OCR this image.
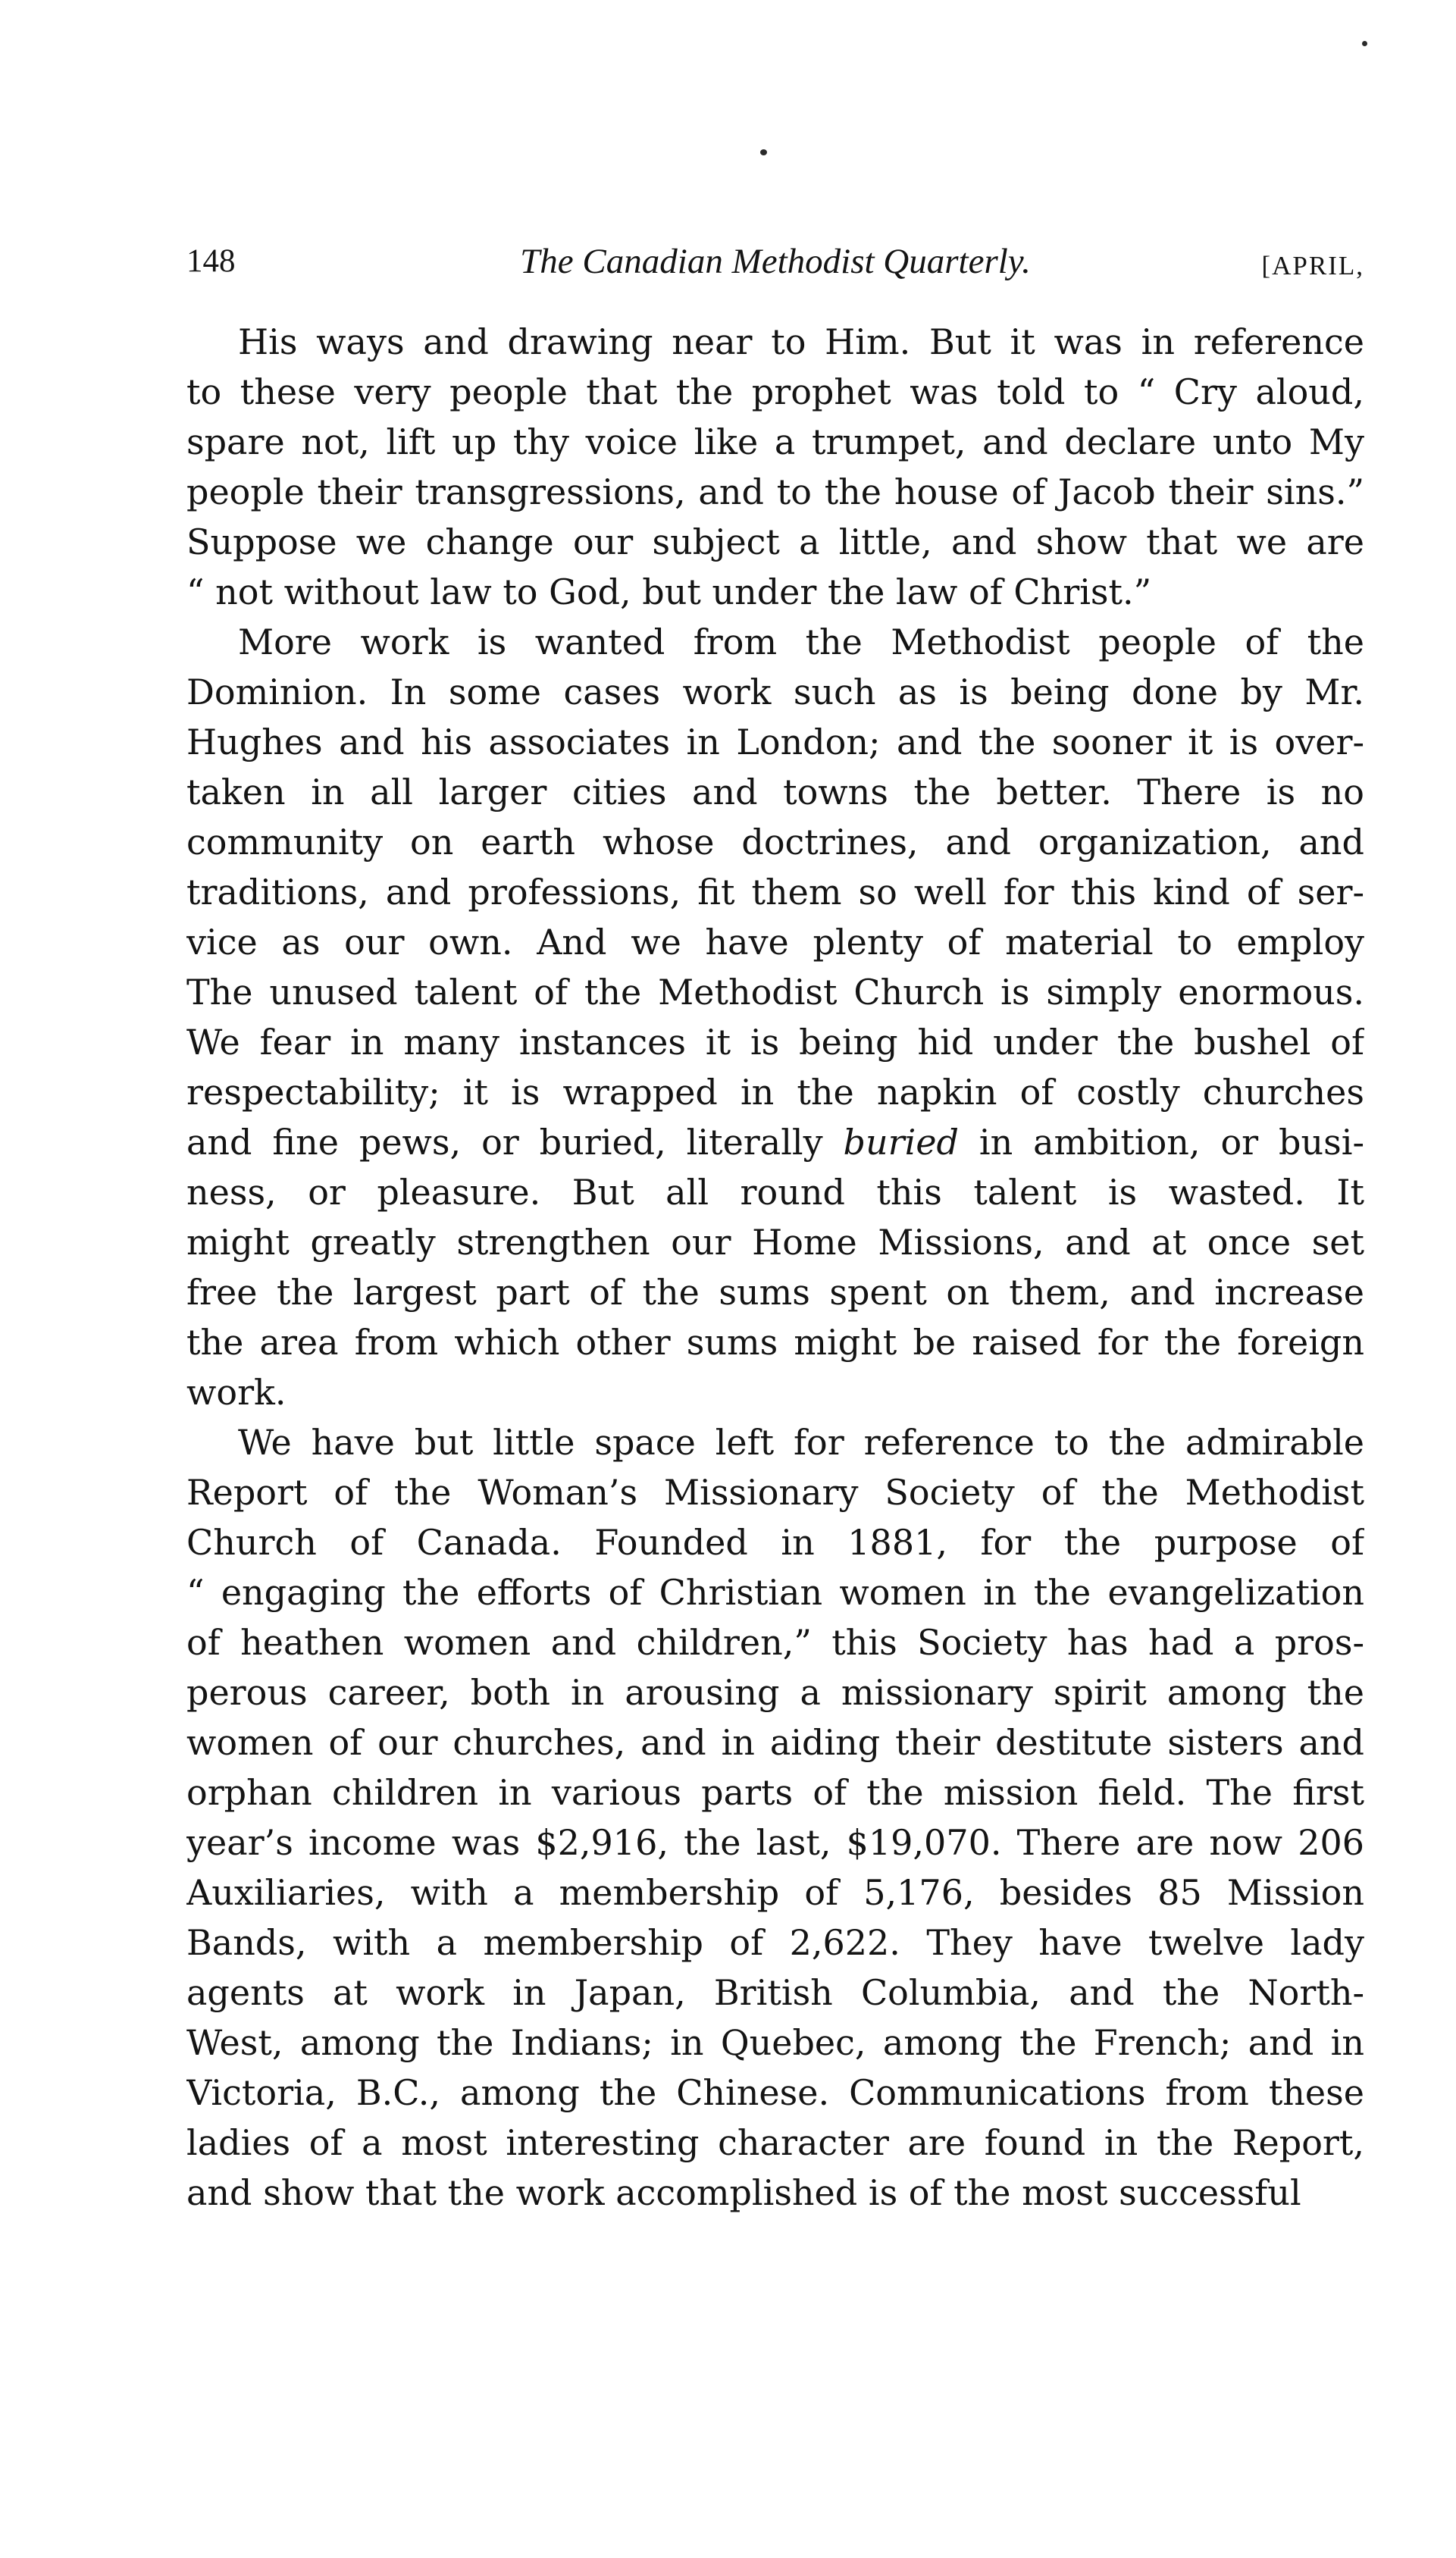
148	The Canadian Methodist Quarterly.	[APRIL,
His ways and drawing near to Him. But it was in reference
to these very people that the prophet was told to “ Cry aloud,
spare not, lift up thy voice like a trumpet, and declare unto My
people their transgressions, and to the house of Jacob their sins.”
Suppose we change our subject a little, and show that we are
“ not without law to God, but under the law of Christ.”
More work is wanted from the Methodist people of the
Dominion. In some cases work such as is being done by Mr.
Hughes and his associates in London; and the sooner it is over-
taken in all larger cities and towns the better. There is no
community on earth whose doctrines, and organization, and
traditions, and professions, fit them so well for this kind of ser-
vice as our own. And we have plenty of material to employ
The unused talent of the Methodist Church is simply enormous.
We fear in many instances it is being hid under the bushel of
respectability; it is wrapped in the napkin of costly churches
and fine pews, or buried, literally buried in ambition, or busi-
ness, or pleasure. But all round this talent is wasted. It
might greatly strengthen our Home Missions, and at once set
free the largest part of the sums spent on them, and increase
the area from which other sums might be raised for the foreign
work.
We have but little space left for reference to the admirable
Report of the Woman’s Missionary Society of the Methodist
Church of Canada. Founded in 1881, for the purpose of
“ engaging the efforts of Christian women in the evangelization
of heathen women and children,” this Society has had a pros-
perous career, both in arousing a missionary spirit among the
women of our churches, and in aiding their destitute sisters and
orphan children in various parts of the mission field. The first
year’s income was $2,916, the last, $19,070. There are now 206
Auxiliaries, with a membership of 5,176, besides 85 Mission
Bands, with a membership of 2,622. They have twelve lady
agents at work in Japan, British Columbia, and the North-
West, among the Indians; in Quebec, among the French; and in
Victoria, B.C., among the Chinese. Communications from these
ladies of a most interesting character are found in the Report,
and show that the work accomplished is of the most successful
